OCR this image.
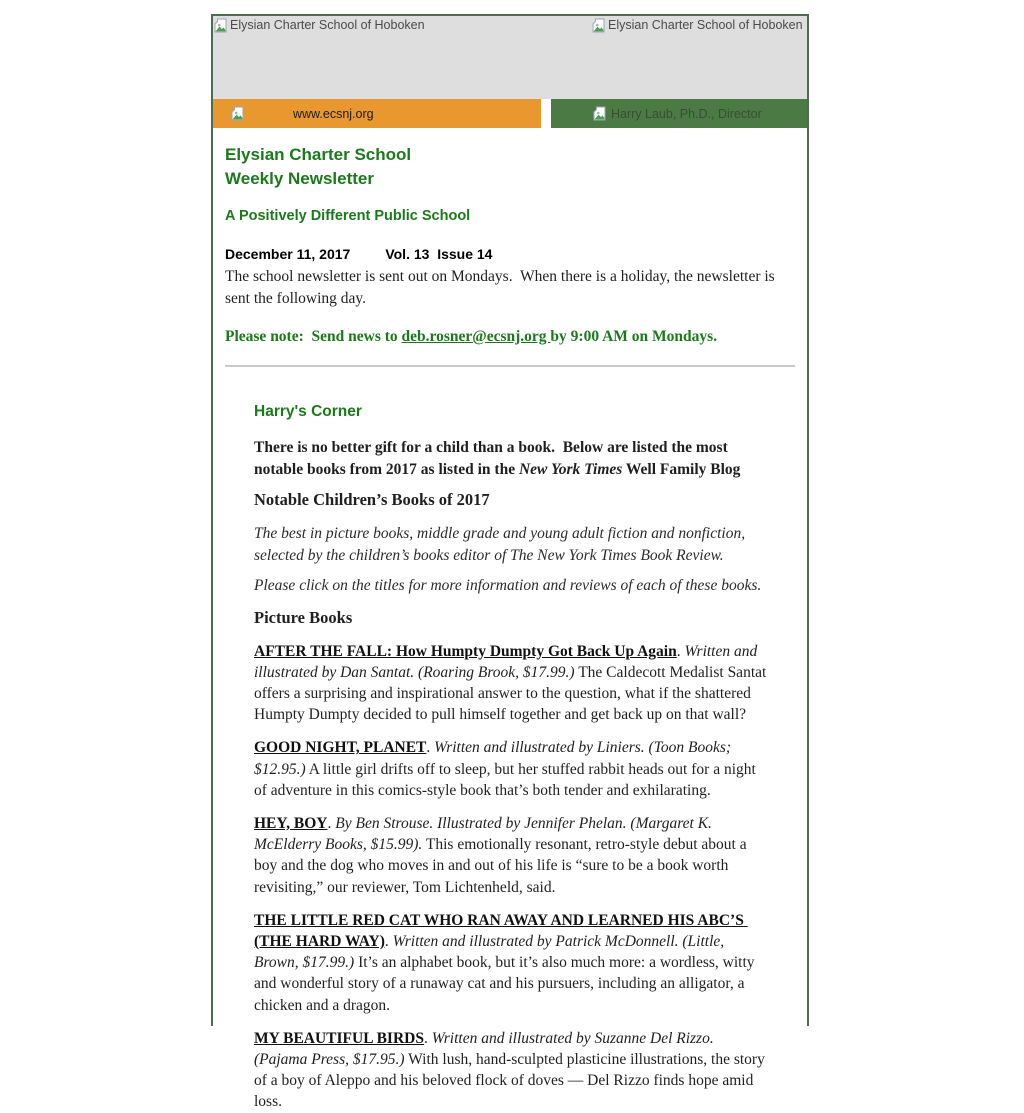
Elysian Charter School of Hoboken	Elysian Charter School of Hoboken
www.ecsnj.org	Harry Laub, Ph.D., Director
Elysian Charter School
Weekly Newsletter
A Positively Different Public School
December 11, 2017	Vol. 13  Issue 14

The school newsletter is sent out on Mondays.  When there is a holiday, the newsletter is sent the following day.

Please note:  Send news to deb.rosner@ecsnj.org by 9:00 AM on Mondays.

Harry's Corner

There is no better gift for a child than a book.  Below are listed the most notable books from 2017 as listed in the New York Times Well Family Blog

Notable Children’s Books of 2017

The best in picture books, middle grade and young adult fiction and nonfiction, selected by the children’s books editor of The New York Times Book Review.

Please click on the titles for more information and reviews of each of these books.

Picture Books

AFTER THE FALL: How Humpty Dumpty Got Back Up Again. Written and illustrated by Dan Santat. (Roaring Brook, $17.99.) The Caldecott Medalist Santat offers a surprising and inspirational answer to the question, what if the shattered Humpty Dumpty decided to pull himself together and get back up on that wall?

GOOD NIGHT, PLANET. Written and illustrated by Liniers. (Toon Books; $12.95.) A little girl drifts off to sleep, but her stuffed rabbit heads out for a night of adventure in this comics-style book that’s both tender and exhilarating.

HEY, BOY. By Ben Strouse. Illustrated by Jennifer Phelan. (Margaret K. McElderry Books, $15.99). This emotionally resonant, retro-style debut about a boy and the dog who moves in and out of his life is “sure to be a book worth revisiting,” our reviewer, Tom Lichtenheld, said.

THE LITTLE RED CAT WHO RAN AWAY AND LEARNED HIS ABC’S (THE HARD WAY). Written and illustrated by Patrick McDonnell. (Little, Brown, $17.99.) It’s an alphabet book, but it’s also much more: a wordless, witty and wonderful story of a runaway cat and his pursuers, including an alligator, a chicken and a dragon.

MY BEAUTIFUL BIRDS. Written and illustrated by Suzanne Del Rizzo. (Pajama Press, $17.95.) With lush, hand-sculpted plasticine illustrations, the story of a boy of Aleppo and his beloved flock of doves — Del Rizzo finds hope amid loss.
